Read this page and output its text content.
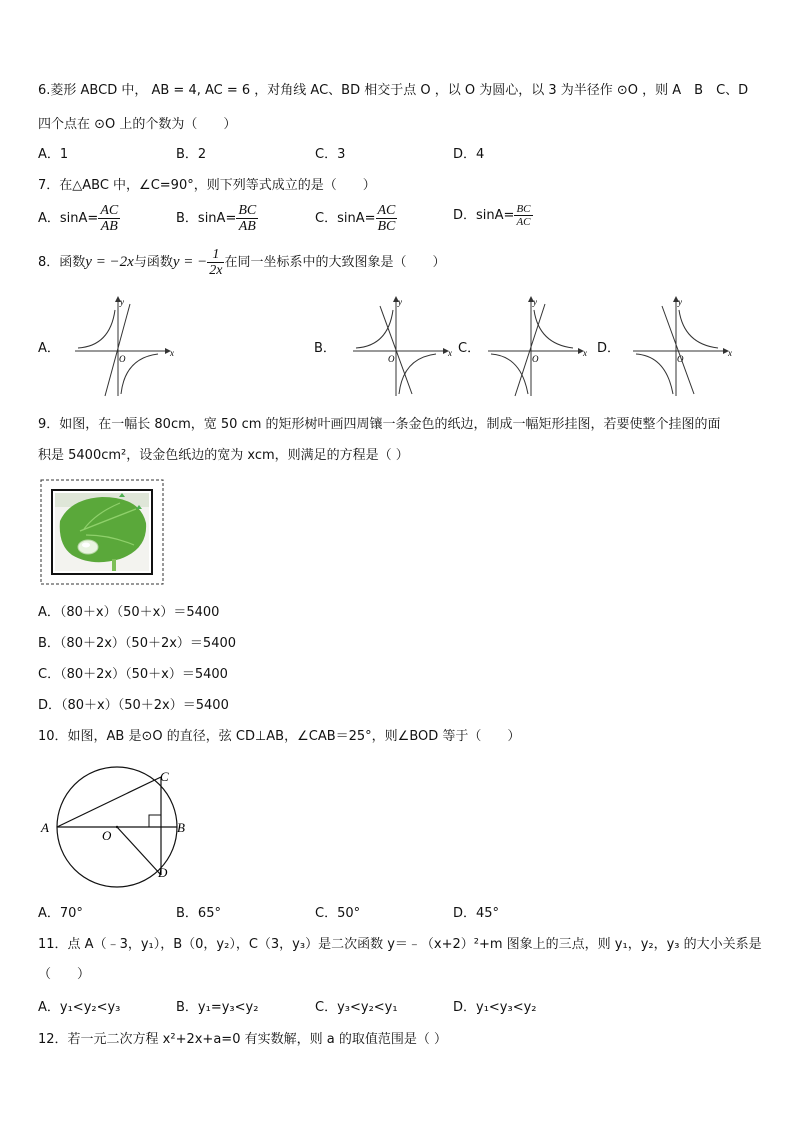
6.菱形 ABCD 中， AB = 4, AC = 6 ，对角线 AC、BD 相交于点 O ，以 O 为圆心，以 3 为半径作 ⊙O ，则 A　B　C、D
四个点在 ⊙O 上的个数为（　　）
A．1	B．2	C．3	D．4
7．在△ABC 中，∠C=90°，则下列等式成立的是（　　）
A．$\sin A= \frac{AC}{AB}$	B．$\sin A= \frac{BC}{AB}$	C．$\sin A= \frac{AC}{BC}$	D．$\sin A= \frac{BC}{AC}$
8．函数y = −2x与函数y = − $\frac{1}{2x}$ 在同一坐标系中的大致图象是（　　）
A．	B．	C．	D．
x
y
O
x
y
O
x
y
O
x
y
O
9．如图，在一幅长 80cm，宽 50 cm 的矩形树叶画四周镶一条金色的纸边，制成一幅矩形挂图，若要使整个挂图的面
积是 5400cm²，设金色纸边的宽为 xcm，则满足的方程是（ ）
A．（80＋x）（50＋x）＝5400
B．（80＋2x）（50＋2x）＝5400
C．（80＋2x）（50＋x）＝5400
D．（80＋x）（50＋2x）＝5400
10．如图，AB 是⊙O 的直径，弦 CD⊥AB，∠CAB＝25°，则∠BOD 等于（　　）
A	B
C
D
O
A．70°	B．65°	C．50°	D．45°
11．点 A（﹣3，y₁），B（0，y₂），C（3，y₃）是二次函数 y＝﹣（x+2）²+m 图象上的三点，则 y₁，y₂，y₃ 的大小关系是
（　　）
A．y₁<y₂<y₃	B．y₁=y₃<y₂	C．y₃<y₂<y₁	D．y₁<y₃<y₂
12．若一元二次方程 x²+2x+a=0 有实数解，则 a 的取值范围是（ ）
